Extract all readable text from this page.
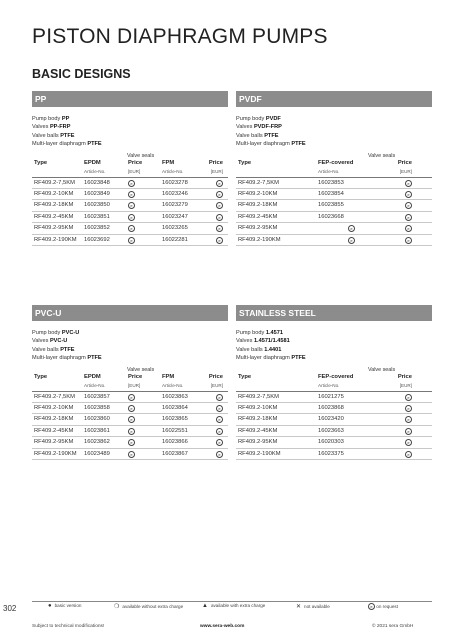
PISTON DIAPHRAGM PUMPS
BASIC DESIGNS
PP
Pump body PP
Valves PP-FRP
Valve balls PTFE
Multi-layer diaphragm PTFE
Valve seals
Type	EPDM	Price	FPM	Price
Article-No.	[EUR]	Article-No.	[EUR]
RF409.2-7,5KM 16023848	e	16023278	e
RF409.2-10KM 16023849	e	16023246	e
RF409.2-18KM 16023850	e	16023279	e
RF409.2-45KM 16023851	e	16023247	e
RF409.2-95KM 16023852	e	16023265	e
RF409.2-190KM 16023692	e	16022281	e
PVDF
Pump body PVDF
Valves PVDF-FRP
Valve balls PTFE
Multi-layer diaphragm PTFE
Valve seals
Type	FEP-covered	Price
Article-No.	[EUR]
RF409.2-7,5KM	16023853	e
RF409.2-10KM	16023854	e
RF409.2-18KM	16023855	e
RF409.2-45KM	16023668	e
RF409.2-95KM	e	e
RF409.2-190KM	e	e
PVC-U
Pump body PVC-U
Valves PVC-U
Valve balls PTFE
Multi-layer diaphragm PTFE
Valve seals
Type	EPDM	Price	FPM	Price
Article-No.	[EUR]	Article-No.	[EUR]
RF409.2-7,5KM 16023857	e	16023863	e
RF409.2-10KM 16023858	e	16023864	e
RF409.2-18KM 16023860	e	16023865	e
RF409.2-45KM 16023861	e	16022551	e
RF409.2-95KM 16023862	e	16023866	e
RF409.2-190KM 16023489	e	16023867	e
STAINLESS STEEL
Pump body 1.4571
Valves 1.4571/1.4581
Valve balls 1.4401
Multi-layer diaphragm PTFE
Valve seals
Type	FEP-covered	Price
Article-No.	[EUR]
RF409.2-7,5KM	16021275	e
RF409.2-10KM	16023868	e
RF409.2-18KM	16023420	e
RF409.2-45KM	16023663	e
RF409.2-95KM	16020303	e
RF409.2-190KM	16023375	e
302	● basic version	❍ available without extra charge	▲ available with extra charge	✕ not available	e on request
Subject to technical modifications!	www.sera-web.com	© 2021 sera GmbH
